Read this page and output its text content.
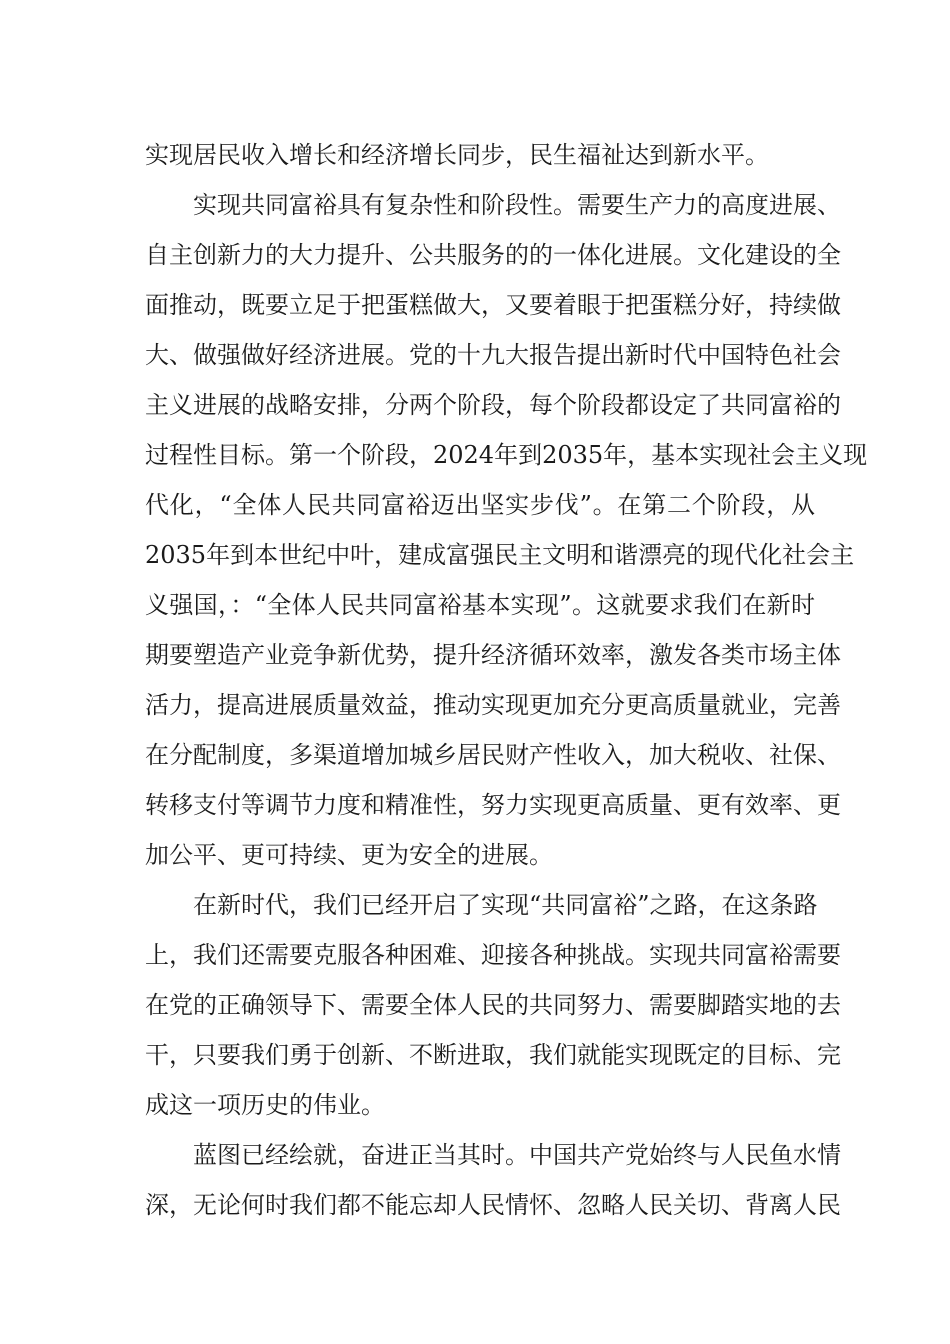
实现居民收入增长和经济增长同步，民生福祉达到新水平。
实现共同富裕具有复杂性和阶段性。需要生产力的高度进展、
自主创新力的大力提升、公共服务的的一体化进展。文化建设的全
面推动，既要立足于把蛋糕做大，又要着眼于把蛋糕分好，持续做
大、做强做好经济进展。党的十九大报告提出新时代中国特色社会
主义进展的战略安排，分两个阶段，每个阶段都设定了共同富裕的
过程性目标。第一个阶段，2024年到2035年，基本实现社会主义现
代化，“全体人民共同富裕迈出坚实步伐”。在第二个阶段，从
2035年到本世纪中叶，建成富强民主文明和谐漂亮的现代化社会主
义强国，：“全体人民共同富裕基本实现”。这就要求我们在新时
期要塑造产业竞争新优势，提升经济循环效率，激发各类市场主体
活力，提高进展质量效益，推动实现更加充分更高质量就业，完善
在分配制度，多渠道增加城乡居民财产性收入，加大税收、社保、
转移支付等调节力度和精准性，努力实现更高质量、更有效率、更
加公平、更可持续、更为安全的进展。
在新时代，我们已经开启了实现“共同富裕”之路，在这条路
上，我们还需要克服各种困难、迎接各种挑战。实现共同富裕需要
在党的正确领导下、需要全体人民的共同努力、需要脚踏实地的去
干，只要我们勇于创新、不断进取，我们就能实现既定的目标、完
成这一项历史的伟业。
蓝图已经绘就，奋进正当其时。中国共产党始终与人民鱼水情
深，无论何时我们都不能忘却人民情怀、忽略人民关切、背离人民
